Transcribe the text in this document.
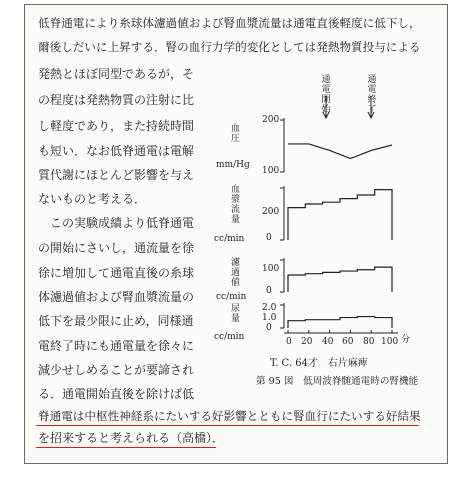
低脊通電により糸球体濾過値および腎血漿流量は通電直後軽度に低下し，
爾後しだいに上昇する．腎の血行力学的変化としては発熱物質投与による
発熱とほぼ同型であるが，そ
の程度は発熱物質の注射に比
し軽度であり，また持続時間
も短い．なお低脊通電は電解
質代謝にほとんど影響を与え
ないものと考える．
この実験成績より低脊通電
の開始にさいし，通流量を徐
徐に増加して通電直後の糸球
体濾過値および腎血漿流量の
低下を最少限に止め，同様通
電終了時にも通電量を徐々に
減少せしめることが要諦され
る．通電開始直後を除けば低
脊通電は中枢性神経系にたいする好影響とともに腎血行にたいする好結果
を招来すると考えられる（高橋）．
通電開始
通電終了
血圧
mm/Hg
200
100
血漿流量
cc/min
200
0
濾過値
cc/min
100
0
尿量
cc/min
2.0
1.0
0
0 20 40 60 80 100 分
T. C. 64才　右片麻痺
第 95 図　低周波脊髄通電時の腎機能
